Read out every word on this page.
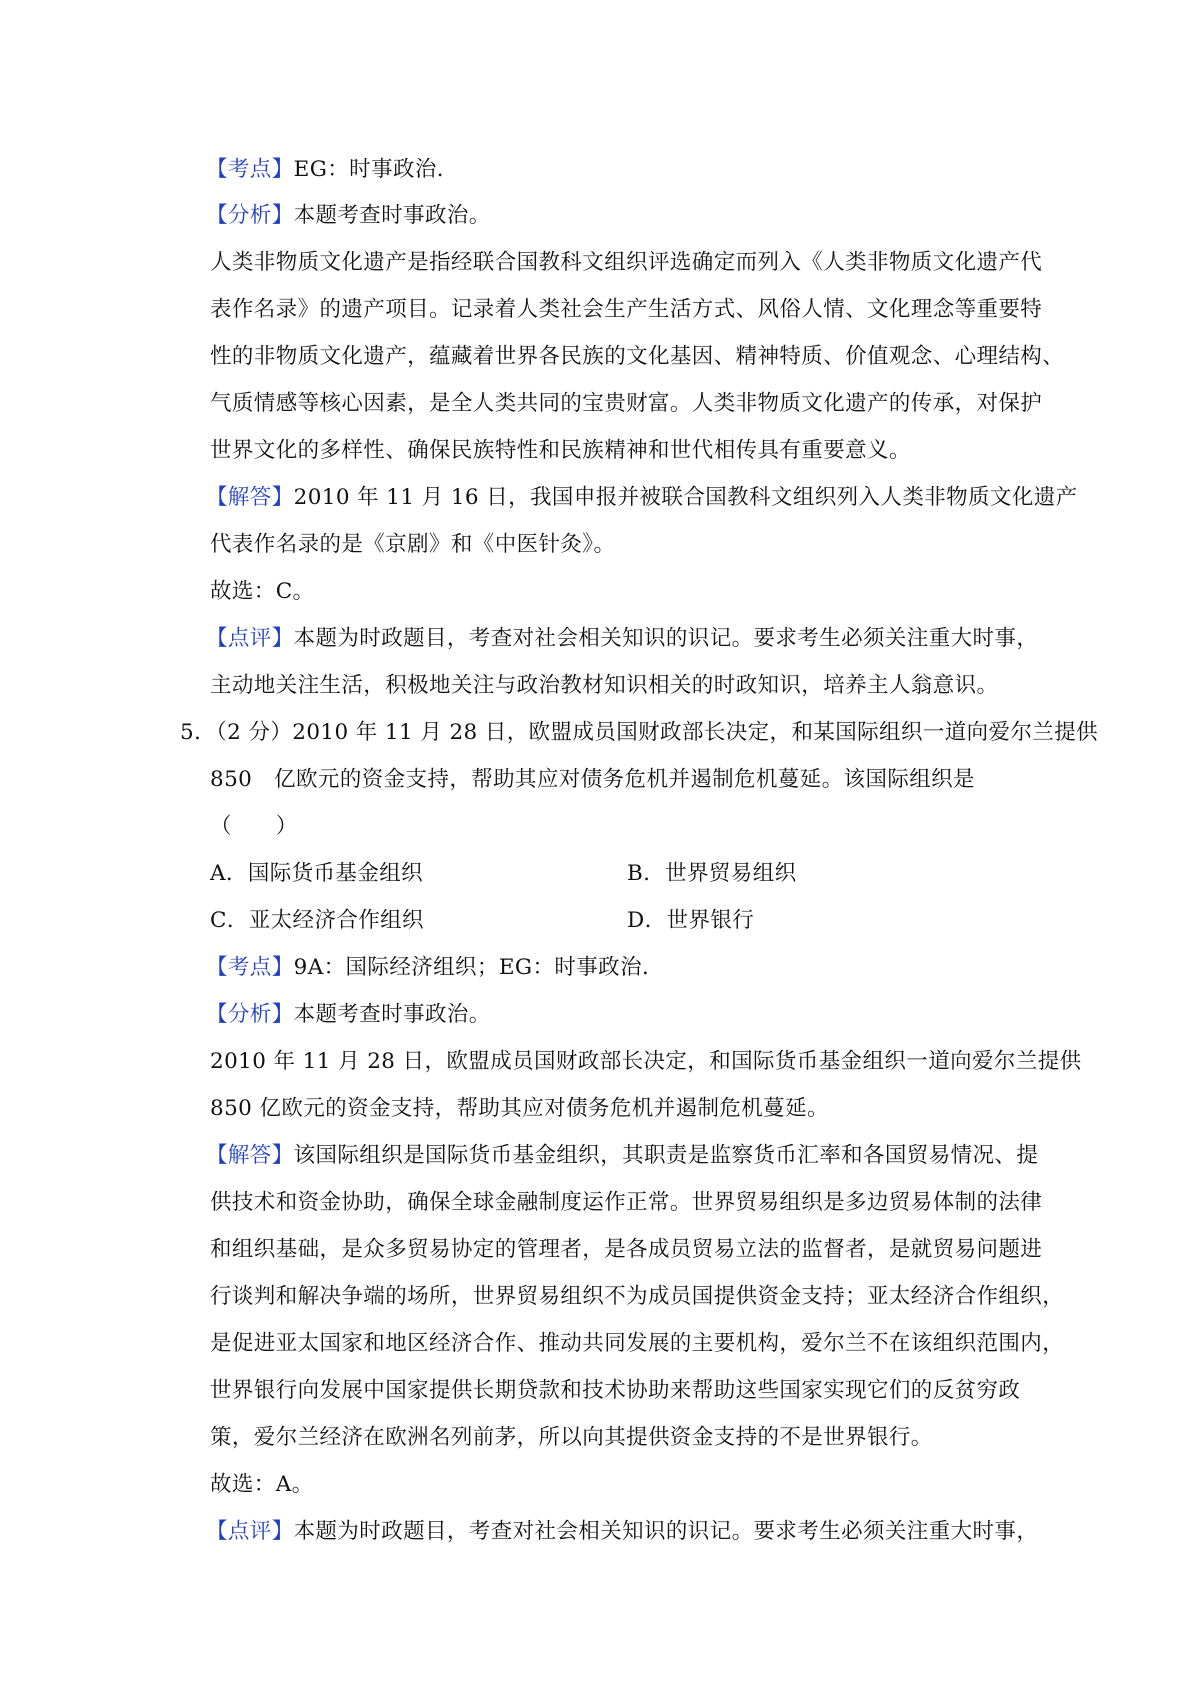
【考点】EG：时事政治．
【分析】本题考查时事政治。
人类非物质文化遗产是指经联合国教科文组织评选确定而列入《人类非物质文化遗产代
表作名录》的遗产项目。记录着人类社会生产生活方式、风俗人情、文化理念等重要特
性的非物质文化遗产，蕴藏着世界各民族的文化基因、精神特质、价值观念、心理结构、
气质情感等核心因素，是全人类共同的宝贵财富。人类非物质文化遗产的传承，对保护
世界文化的多样性、确保民族特性和民族精神和世代相传具有重要意义。
【解答】2010 年 11 月 16 日，我国申报并被联合国教科文组织列入人类非物质文化遗产
代表作名录的是《京剧》和《中医针灸》。
故选：C。
【点评】本题为时政题目，考查对社会相关知识的识记。要求考生必须关注重大时事，
主动地关注生活，积极地关注与政治教材知识相关的时政知识，培养主人翁意识。
5．（2 分）2010 年 11 月 28 日，欧盟成员国财政部长决定，和某国际组织一道向爱尔兰提供
850　亿欧元的资金支持，帮助其应对债务危机并遏制危机蔓延。该国际组织是
（　　）
A．国际货币基金组织	B．世界贸易组织
C．亚太经济合作组织	D．世界银行
【考点】9A：国际经济组织；EG：时事政治．
【分析】本题考查时事政治。
2010 年 11 月 28 日，欧盟成员国财政部长决定，和国际货币基金组织一道向爱尔兰提供
850 亿欧元的资金支持，帮助其应对债务危机并遏制危机蔓延。
【解答】该国际组织是国际货币基金组织，其职责是监察货币汇率和各国贸易情况、提
供技术和资金协助，确保全球金融制度运作正常。世界贸易组织是多边贸易体制的法律
和组织基础，是众多贸易协定的管理者，是各成员贸易立法的监督者，是就贸易问题进
行谈判和解决争端的场所，世界贸易组织不为成员国提供资金支持；亚太经济合作组织，
是促进亚太国家和地区经济合作、推动共同发展的主要机构，爱尔兰不在该组织范围内，
世界银行向发展中国家提供长期贷款和技术协助来帮助这些国家实现它们的反贫穷政
策，爱尔兰经济在欧洲名列前茅，所以向其提供资金支持的不是世界银行。
故选：A。
【点评】本题为时政题目，考查对社会相关知识的识记。要求考生必须关注重大时事，
